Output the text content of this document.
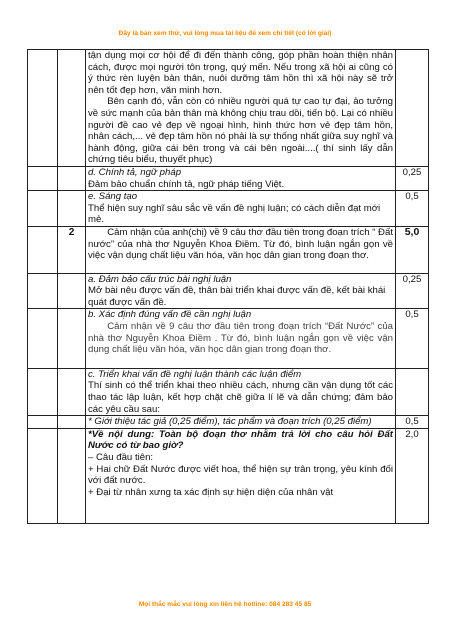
Đây là bản xem thử, vui lòng mua tài liệu để xem chi tiết (có lời giải)

		tận dụng mọi cơ hội để đi đến thành công, góp phần hoàn thiện nhân cách, được mọi người tôn trọng, quý mến. Nếu trong xã hội ai cũng có ý thức rèn luyện bản thân, nuôi dưỡng tâm hồn thì xã hội này sẽ trở nên tốt đẹp hơn, văn minh hơn.

Bên cạnh đó, vẫn còn có nhiều người quá tự cao tự đại, ảo tưởng về sức mạnh của bản thân mà không chịu trau dồi, tiến bộ. Lại có nhiều người đề cao vẻ đẹp về ngoại hình, hình thức hơn vẻ đẹp tâm hồn, nhân cách,... vẻ đẹp tâm hồn nó phải là sự thống nhất giữa suy nghĩ và hành động, giữa cái bên trong và cái bên ngoài....( thí sinh lấy dẫn chứng tiêu biểu, thuyết phục)	

		d. Chính tả, ngữ pháp

Đảm bảo chuẩn chính tả, ngữ pháp tiếng Việt.	0,25

		e. Sáng tạo

Thể hiện suy nghĩ sâu sắc về vấn đề nghị luận; có cách diễn đạt mới mẻ.	0,5
	2	Cảm nhận của anh(chị) về 9 câu thơ đầu tiên trong đoạn trích “ Đất nước” của nhà thơ Nguyễn Khoa Điềm. Từ đó, bình luận ngắn gọn về việc vận dụng chất liệu văn hóa, văn học dân gian trong đoạn thơ.	5,0

		a. Đảm bảo cấu trúc bài nghị luận

Mở bài nêu được vấn đề, thân bài triển khai được vấn đề, kết bài khái quát được vấn đề.	0,25

		b. Xác định đúng vấn đề cần nghị luận

Cảm nhận về 9 câu thơ đầu tiên trong đoạn trích “Đất Nước” của nhà thơ Nguyễn Khoa Điềm . Từ đó, bình luận ngắn gọn về việc vận dụng chất liệu văn hóa, văn học dân gian trong đoạn thơ.	0,5

		c. Triển khai vấn đề nghị luận thành các luận điểm

Thí sinh có thể triển khai theo nhiều cách, nhưng cần vận dụng tốt các thao tác lập luận, kết hợp chặt chẽ giữa lí lẽ và dẫn chứng; đảm bảo các yêu cầu sau:	

		* Giới thiệu tác giả (0,25 điểm), tác phẩm và đoạn trích (0,25 điểm)	0,5

		*Về nội dung: Toàn bộ đoạn thơ nhằm trả lời cho câu hỏi Đất Nước có từ bao giờ?

– Câu đầu tiên:

+ Hai chữ Đất Nước được viết hoa, thể hiện sự trân trọng, yêu kính đối với đất nước.

+ Đại từ nhân xưng ta xác định sự hiện diện của nhân vật	2,0
Mọi thắc mắc vui lòng xin liên hệ hotline: 084 283 45 85
